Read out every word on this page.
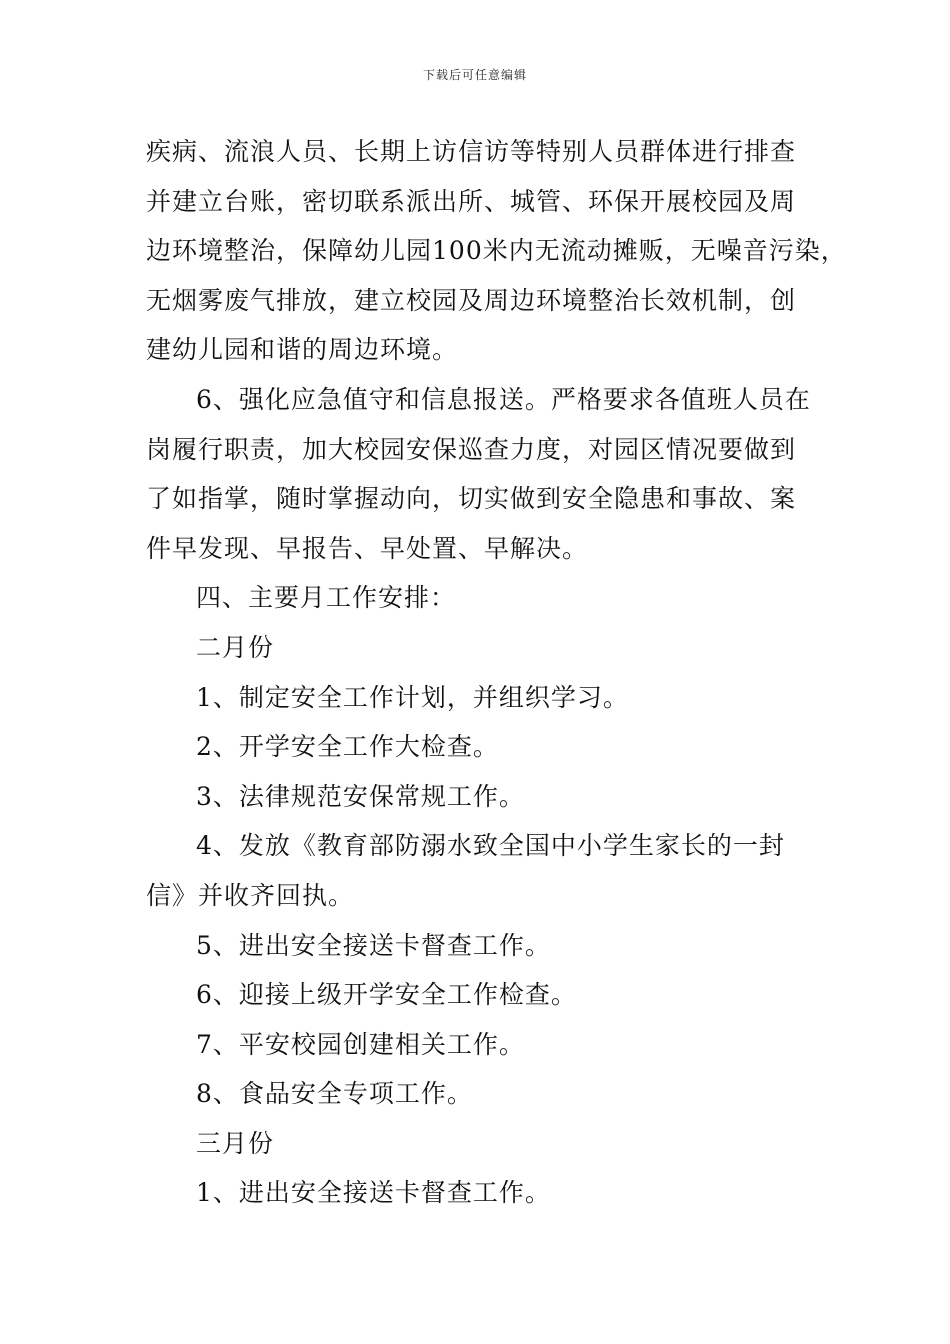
下载后可任意编辑
疾病、流浪人员、长期上访信访等特别人员群体进行排查
并建立台账，密切联系派出所、城管、环保开展校园及周
边环境整治，保障幼儿园100米内无流动摊贩，无噪音污染，
无烟雾废气排放，建立校园及周边环境整治长效机制，创
建幼儿园和谐的周边环境。
6、强化应急值守和信息报送。严格要求各值班人员在
岗履行职责，加大校园安保巡查力度，对园区情况要做到
了如指掌，随时掌握动向，切实做到安全隐患和事故、案
件早发现、早报告、早处置、早解决。
四、主要月工作安排：
二月份
1、制定安全工作计划，并组织学习。
2、开学安全工作大检查。
3、法律规范安保常规工作。
4、发放《教育部防溺水致全国中小学生家长的一封
信》并收齐回执。
5、进出安全接送卡督查工作。
6、迎接上级开学安全工作检查。
7、平安校园创建相关工作。
8、食品安全专项工作。
三月份
1、进出安全接送卡督查工作。
